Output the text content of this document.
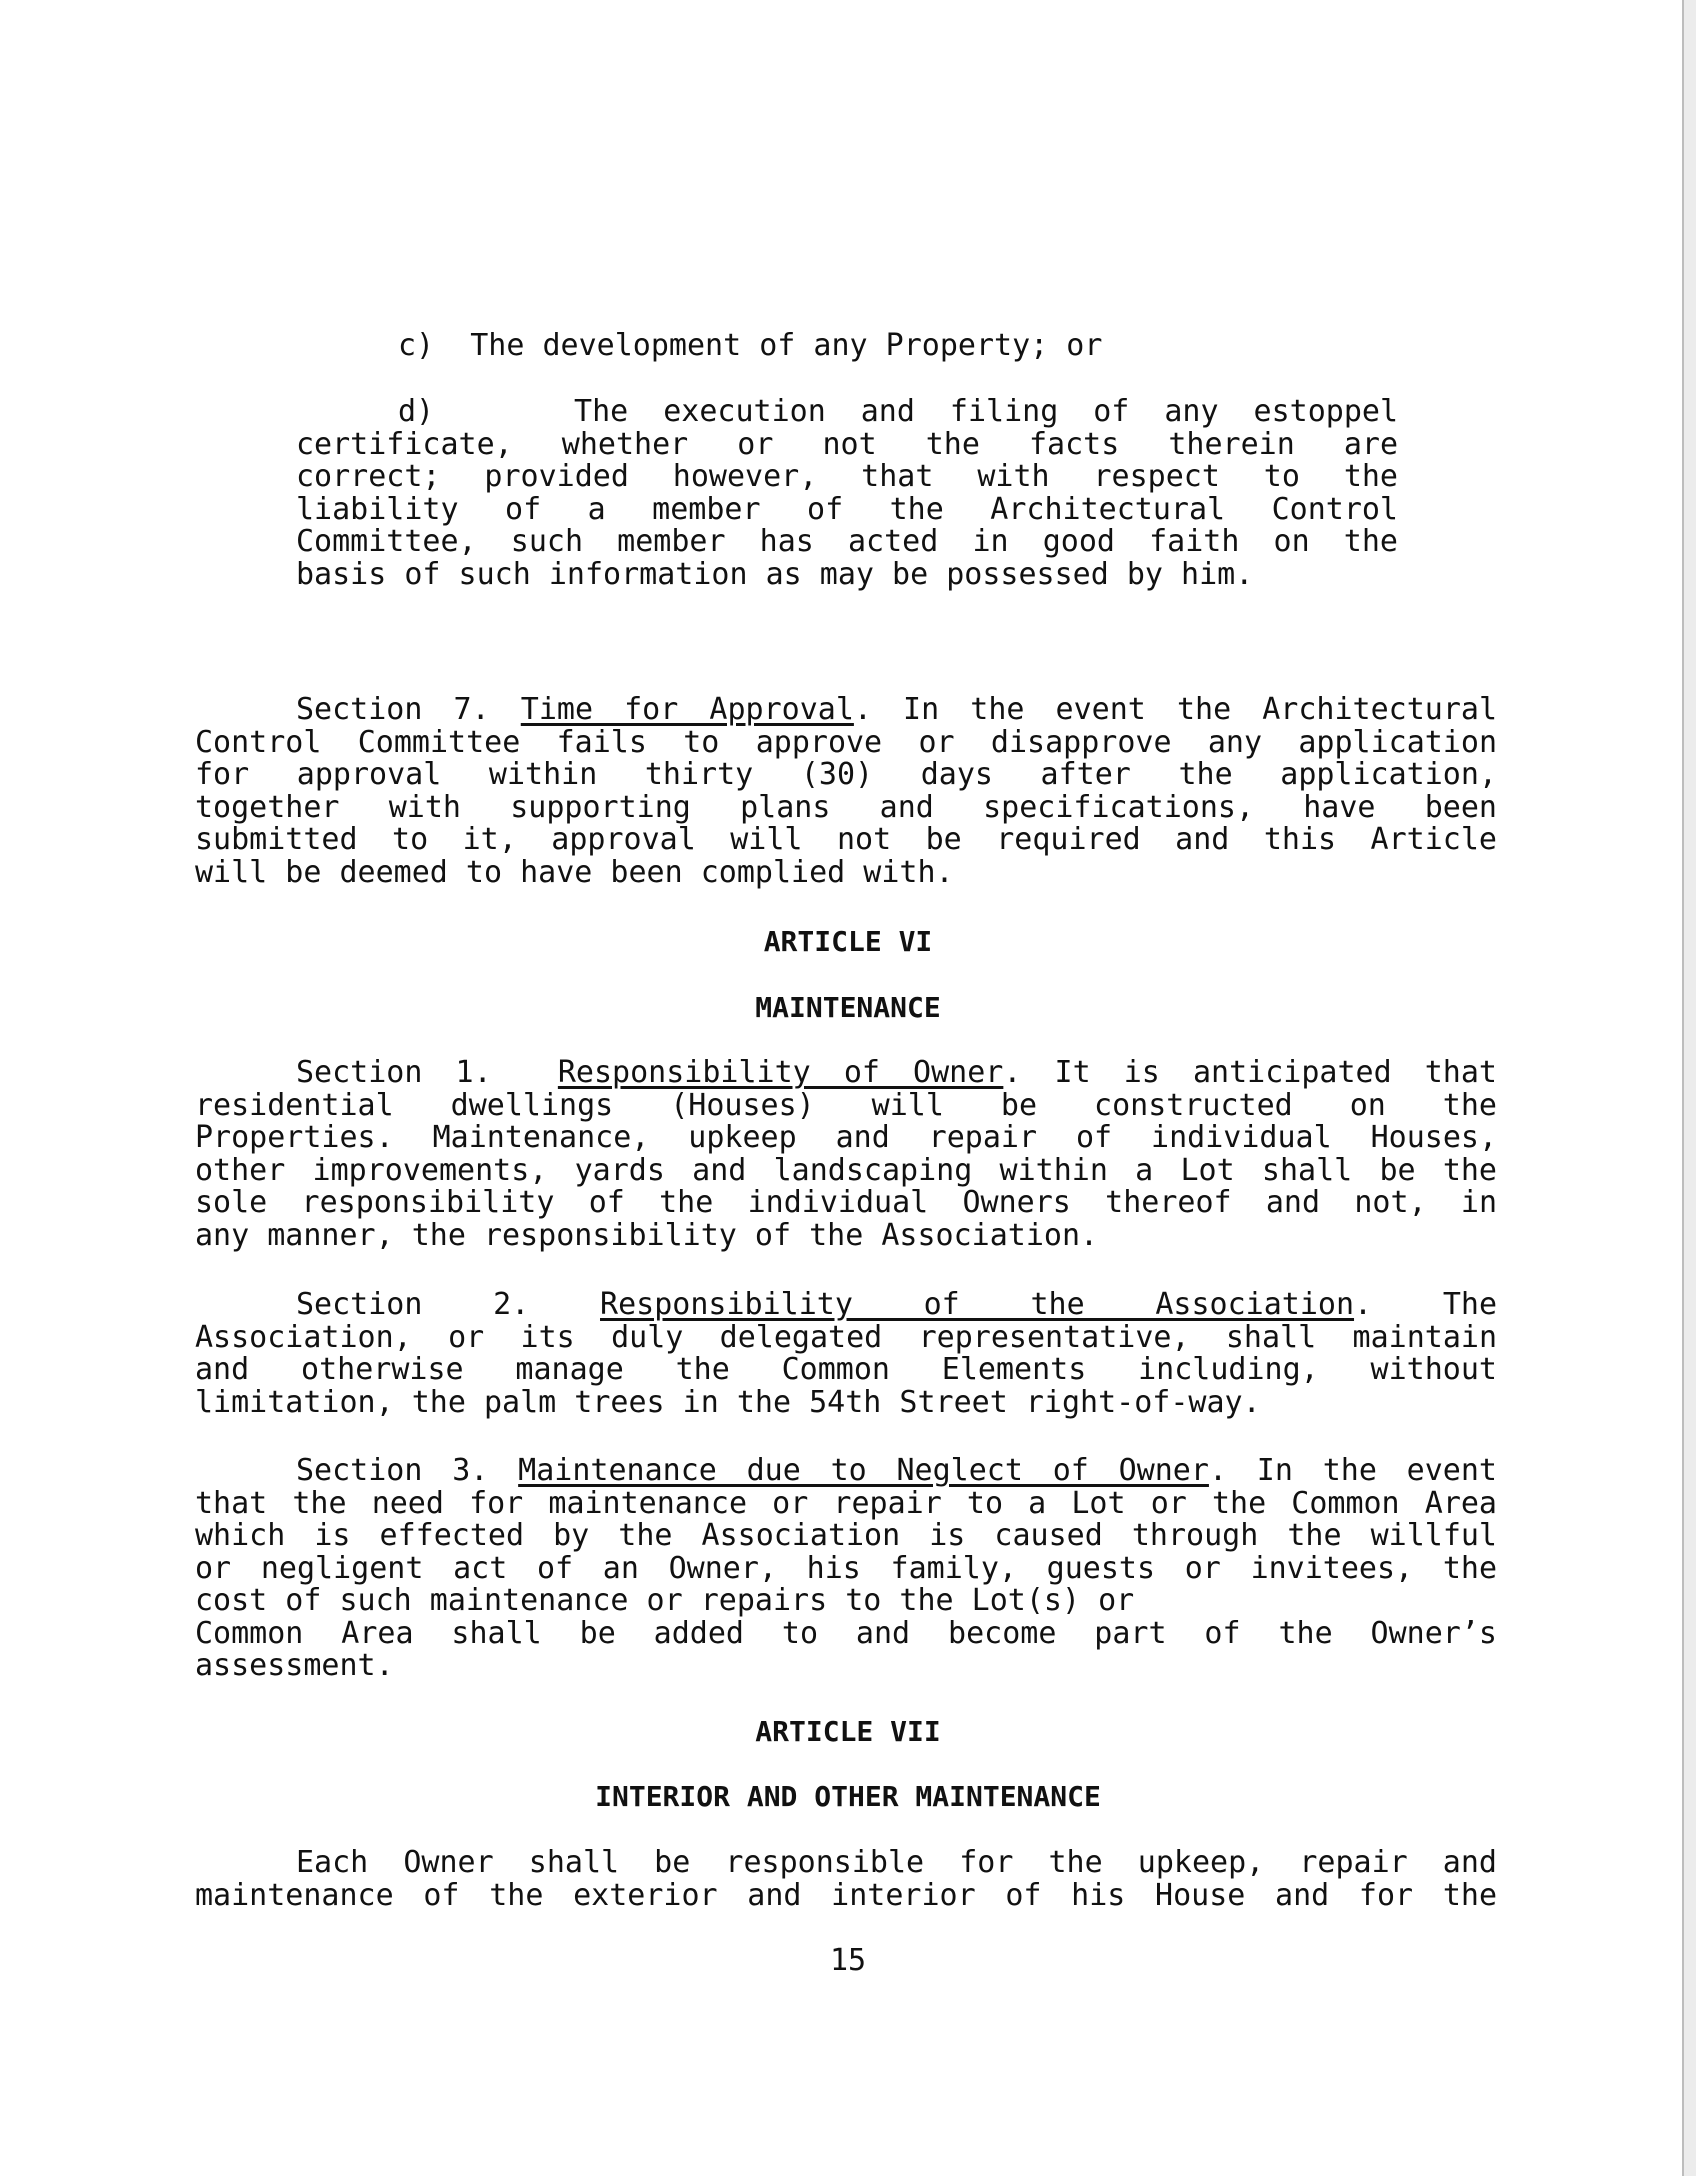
c) The development of any Property; or
d)	The execution and filing of any estoppel
certificate, whether or not the facts therein are
correct; provided however, that with respect to the
liability of a member of the Architectural Control
Committee, such member has acted in good faith on the
basis of such information as may be possessed by him.
Section 7. Time for Approval. In the event the Architectural
Control Committee fails to approve or disapprove any application
for approval within thirty (30) days after the application,
together with supporting plans and specifications, have been
submitted to it, approval will not be required and this Article
will be deemed to have been complied with.
ARTICLE VI
MAINTENANCE
Section 1. Responsibility of Owner. It is anticipated that
residential dwellings (Houses) will be constructed on the
Properties. Maintenance, upkeep and repair of individual Houses,
other improvements, yards and landscaping within a Lot shall be the
sole responsibility of the individual Owners thereof and not, in
any manner, the responsibility of the Association.
Section 2. Responsibility of the Association. The
Association, or its duly delegated representative, shall maintain
and otherwise manage the Common Elements including, without
limitation, the palm trees in the 54th Street right-of-way.
Section 3. Maintenance due to Neglect of Owner. In the event
that the need for maintenance or repair to a Lot or the Common Area
which is effected by the Association is caused through the willful
or negligent act of an Owner, his family, guests or invitees, the
cost of such maintenance or repairs to the Lot(s) or
Common Area shall be added to and become part of the Owner’s
assessment.
ARTICLE VII
INTERIOR AND OTHER MAINTENANCE
Each Owner shall be responsible for the upkeep, repair and
maintenance of the exterior and interior of his House and for the
15
